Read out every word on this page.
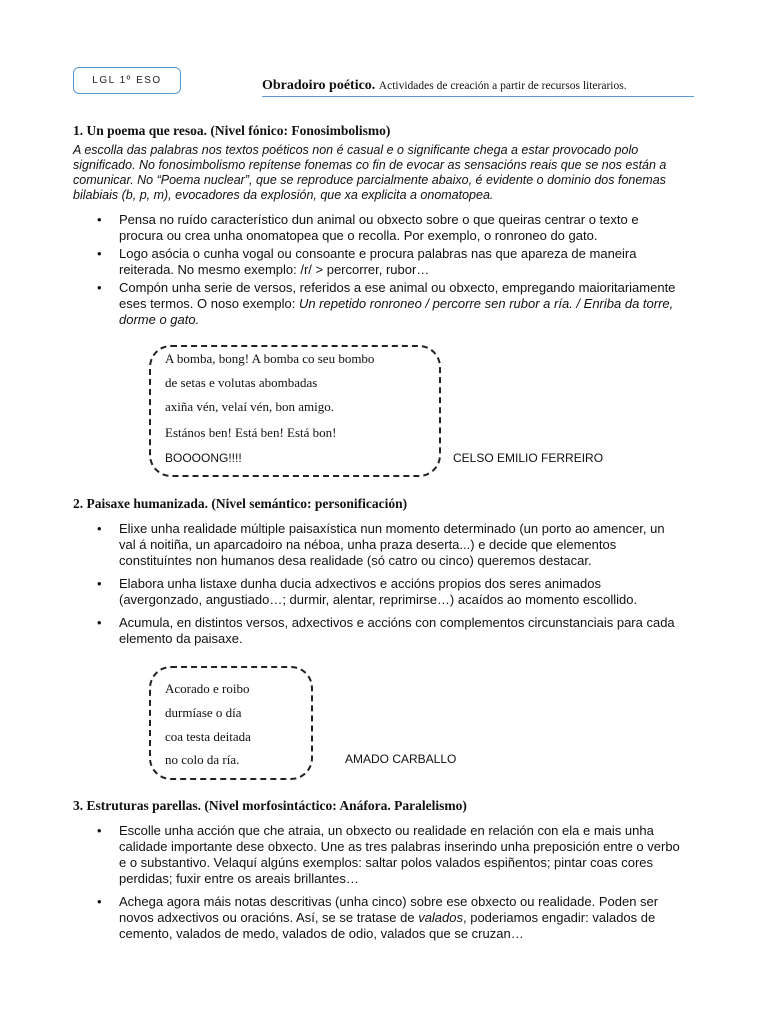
LGL 1º ESO	Obradoiro poético. Actividades de creación a partir de recursos literarios.
1. Un poema que resoa. (Nivel fónico: Fonosimbolismo)
A escolla das palabras nos textos poéticos non é casual e o significante chega a estar provocado polo significado. No fonosimbolismo repítense fonemas co fin de evocar as sensacións reais que se nos están a comunicar. No “Poema nuclear”, que se reproduce parcialmente abaixo, é evidente o dominio dos fonemas bilabiais (b, p, m), evocadores da explosión, que xa explicita a onomatopea.
• Pensa no ruído característico dun animal ou obxecto sobre o que queiras centrar o texto e procura ou crea unha onomatopea que o recolla. Por exemplo, o ronroneo do gato.
• Logo asócia o cunha vogal ou consoante e procura palabras nas que apareza de maneira reiterada. No mesmo exemplo: /r/ > percorrer, rubor…
• Compón unha serie de versos, referidos a ese animal ou obxecto, empregando maioritariamente eses termos. O noso exemplo: Un repetido ronroneo / percorre sen rubor a ría. / Enriba da torre, dorme o gato.
A bomba, bong! A bomba co seu bombo
de setas e volutas abombadas
axiña vén, velaí vén, bon amigo.
Estános ben! Está ben! Está bon!
BOOOONG!!!!	CELSO EMILIO FERREIRO
2. Paisaxe humanizada. (Nivel semántico: personificación)
• Elixe unha realidade múltiple paisaxística nun momento determinado (un porto ao amencer, un val á noitiña, un aparcadoiro na néboa, unha praza deserta...) e decide que elementos constituíntes non humanos desa realidade (só catro ou cinco) queremos destacar.
• Elabora unha listaxe dunha ducia adxectivos e accións propios dos seres animados (avergonzado, angustiado…; durmir, alentar, reprimirse…) acaídos ao momento escollido.
• Acumula, en distintos versos, adxectivos e accións con complementos circunstanciais para cada elemento da paisaxe.
Acorado e roibo
durmíase o día
coa testa deitada
no colo da ría.	AMADO CARBALLO
3. Estruturas parellas. (Nivel morfosintáctico: Anáfora. Paralelismo)
• Escolle unha acción que che atraia, un obxecto ou realidade en relación con ela e mais unha calidade importante dese obxecto. Une as tres palabras inserindo unha preposición entre o verbo e o substantivo. Velaquí algúns exemplos: saltar polos valados espiñentos; pintar coas cores perdidas; fuxir entre os areais brillantes…
• Achega agora máis notas descritivas (unha cinco) sobre ese obxecto ou realidade. Poden ser novos adxectivos ou oracións. Así, se se tratase de valados, poderiamos engadir: valados de cemento, valados de medo, valados de odio, valados que se cruzan…
